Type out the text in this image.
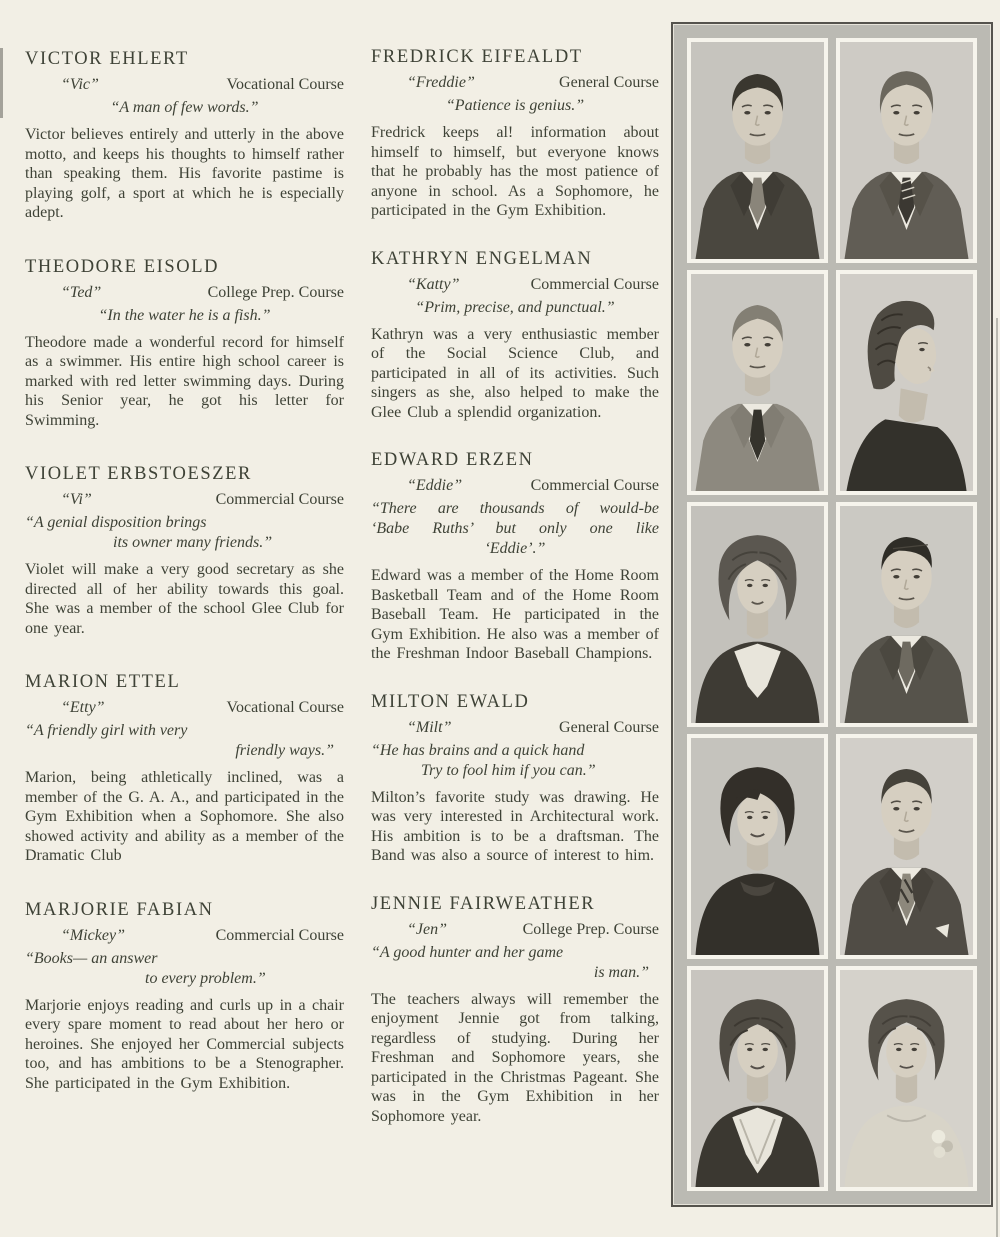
VICTOR EHLERT
“Vic”	Vocational Course
“A man of few words.”

Victor believes entirely and utterly in the above motto, and keeps his thoughts to himself rather than speaking them. His favorite pastime is playing golf, a sport at which he is especially adept.

THEODORE EISOLD
“Ted”	College Prep. Course
“In the water he is a fish.”

Theodore made a wonderful record for himself as a swimmer. His entire high school career is marked with red letter swimming days. During his Senior year, he got his letter for Swimming.

VIOLET ERBSTOESZER
“Vi”	Commercial Course
“A genial disposition brings
its owner many friends.”

Violet will make a very good secretary as she directed all of her ability towards this goal. She was a member of the school Glee Club for one year.

MARION ETTEL
“Etty”	Vocational Course
“A friendly girl with very
friendly ways.”

Marion, being athletically inclined, was a member of the G. A. A., and participated in the Gym Exhibition when a Sophomore. She also showed activity and ability as a member of the Dramatic Club

MARJORIE FABIAN
“Mickey”	Commercial Course
“Books— an answer
to every problem.”

Marjorie enjoys reading and curls up in a chair every spare moment to read about her hero or heroines. She enjoyed her Commercial subjects too, and has ambitions to be a Stenographer. She participated in the Gym Exhibition.

FREDRICK EIFEALDT
“Freddie”	General Course
“Patience is genius.”

Fredrick keeps al! information about himself to himself, but everyone knows that he probably has the most patience of anyone in school. As a Sophomore, he participated in the Gym Exhibition.

KATHRYN ENGELMAN
“Katty”	Commercial Course
“Prim, precise, and punctual.”

Kathryn was a very enthusiastic member of the Social Science Club, and participated in all of its activities. Such singers as she, also helped to make the Glee Club a splendid organization.

EDWARD ERZEN
“Eddie”	Commercial Course
“There are thousands of would-be
‘Babe Ruths’ but only one like
‘Eddie’.”

Edward was a member of the Home Room Basketball Team and of the Home Room Baseball Team. He participated in the Gym Exhibition. He also was a member of the Freshman Indoor Baseball Champions.

MILTON EWALD
“Milt”	General Course
“He has brains and a quick hand
Try to fool him if you can.”

Milton’s favorite study was drawing. He was very interested in Architectural work. His ambition is to be a draftsman. The Band was also a source of interest to him.

JENNIE FAIRWEATHER
“Jen”	College Prep. Course
“A good hunter and her game
is man.”

The teachers always will remember the enjoyment Jennie got from talking, regardless of studying. During her Freshman and Sophomore years, she participated in the Christmas Pageant. She was in the Gym Exhibition in her Sophomore year.
